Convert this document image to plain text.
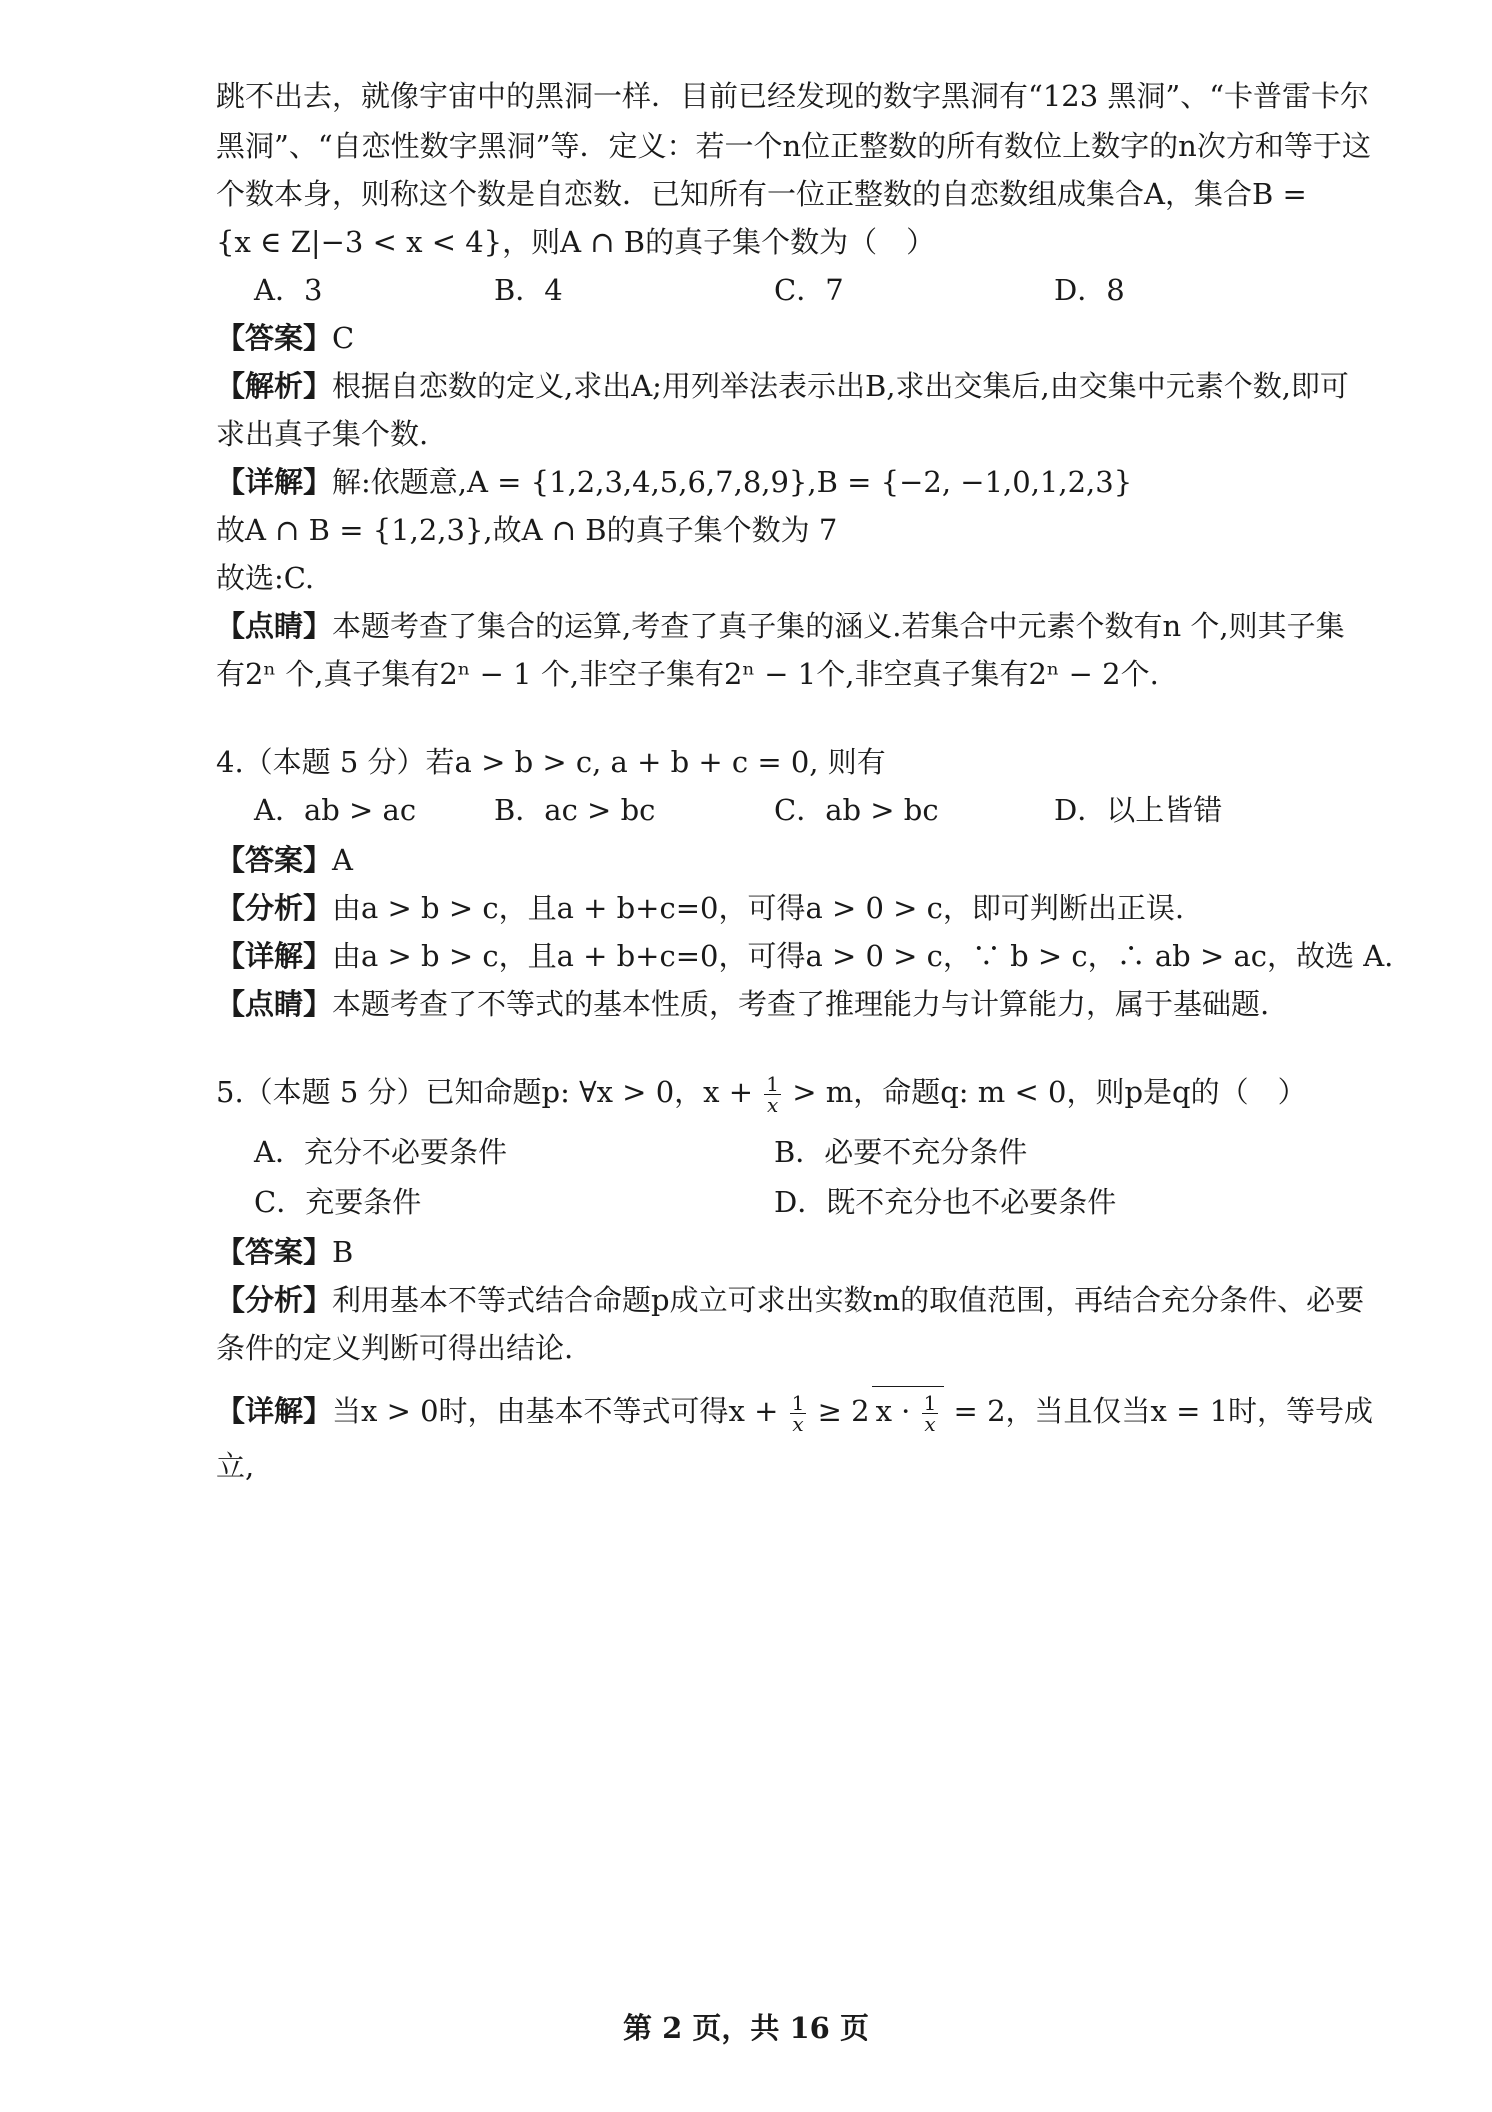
跳不出去，就像宇宙中的黑洞一样．目前已经发现的数字黑洞有“123 黑洞”、“卡普雷卡尔
黑洞”、“自恋性数字黑洞”等．定义：若一个n位正整数的所有数位上数字的n次方和等于这
个数本身，则称这个数是自恋数．已知所有一位正整数的自恋数组成集合A，集合B =
{x ∈ Z|−3 < x < 4}，则A ∩ B的真子集个数为（　）
A．3	B．4	C．7	D．8
【答案】C
【解析】根据自恋数的定义,求出A;用列举法表示出B,求出交集后,由交集中元素个数,即可
求出真子集个数.
【详解】解:依题意,A = {1,2,3,4,5,6,7,8,9},B = {−2, −1,0,1,2,3}
故A ∩ B = {1,2,3},故A ∩ B的真子集个数为 7
故选:C.
【点睛】本题考查了集合的运算,考查了真子集的涵义.若集合中元素个数有n 个,则其子集
有2ⁿ 个,真子集有2ⁿ − 1 个,非空子集有2ⁿ − 1个,非空真子集有2ⁿ − 2个.
4.（本题 5 分）若a > b > c, a + b + c = 0, 则有
A．ab > ac	B．ac > bc	C．ab > bc	D．以上皆错
【答案】A
【分析】由a > b > c，且a + b+c=0，可得a > 0 > c，即可判断出正误.
【详解】由a > b > c，且a + b+c=0，可得a > 0 > c，∵ b > c，∴ ab > ac，故选 A.
【点睛】本题考查了不等式的基本性质，考查了推理能力与计算能力，属于基础题.
5.（本题 5 分）已知命题p: ∀x > 0，$x + \frac{1}{x} > m$，命题q: m < 0，则p是q的（　）
A．充分不必要条件	B．必要不充分条件
C．充要条件	D．既不充分也不必要条件
【答案】B
【分析】利用基本不等式结合命题p成立可求出实数m的取值范围，再结合充分条件、必要
条件的定义判断可得出结论.
【详解】当x > 0时，由基本不等式可得$x + \frac{1}{x} \ge 2$ $x \cdot \frac{1}{x} = 2$，当且仅当x = 1时，等号成
立,
第 2 页，共 16 页
